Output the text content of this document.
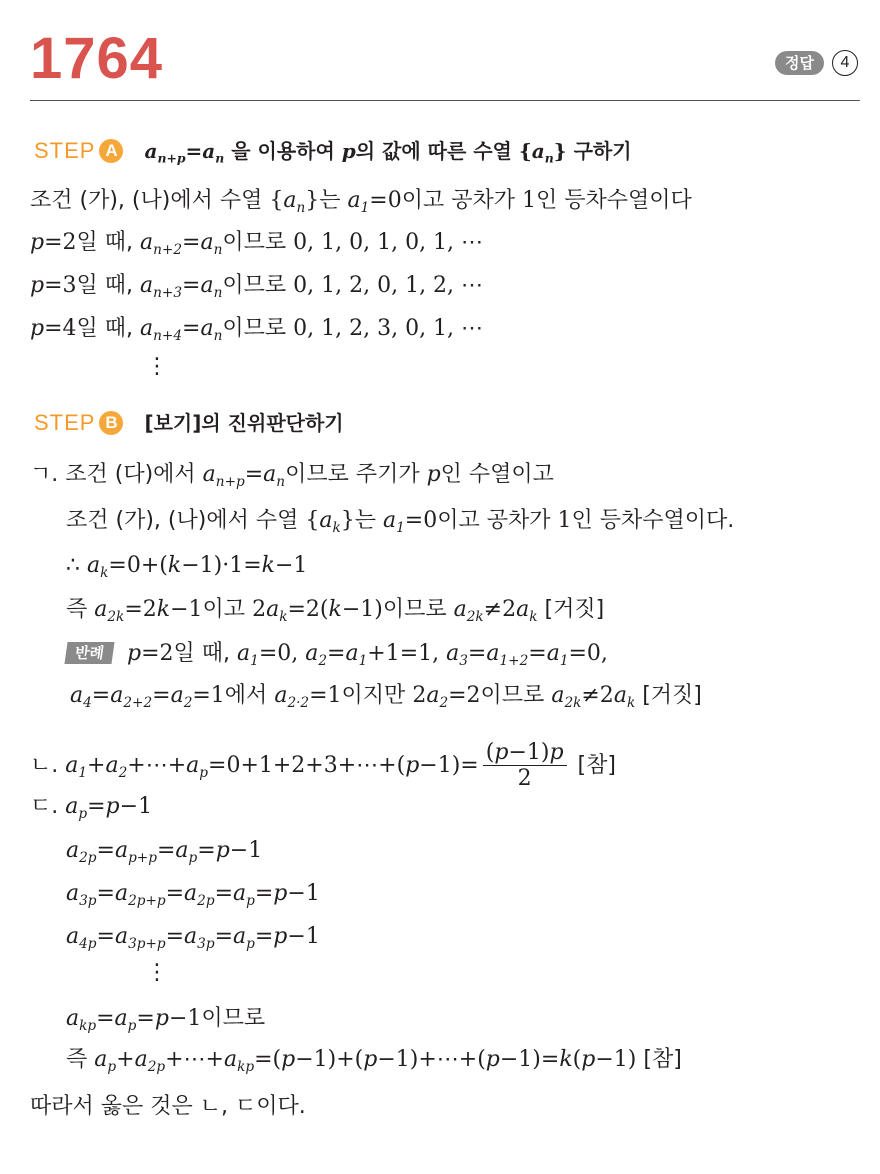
1764	정답	4
STEP A $a_{n+p}=a_n$ 을 이용하여 p의 값에 따른 수열 $\{a_n\}$ 구하기
조건 (가), (나)에서 수열 $\{a_n\}$는 $a_1=0$이고 공차가 1인 등차수열이다
p=2일 때, $a_{n+2}=a_n$이므로 0, 1, 0, 1, 0, 1, ⋯
p=3일 때, $a_{n+3}=a_n$이므로 0, 1, 2, 0, 1, 2, ⋯
p=4일 때, $a_{n+4}=a_n$이므로 0, 1, 2, 3, 0, 1, ⋯
⋮
STEP B [보기]의 진위판단하기
ㄱ. 조건 (다)에서 $a_{n+p}=a_n$이므로 주기가 p인 수열이고
조건 (가), (나)에서 수열 $\{a_k\}$는 $a_1=0$이고 공차가 1인 등차수열이다.
∴ $a_k=0+(k-1)\cdot 1=k-1$
즉 $a_{2k}=2k-1$이고 $2a_k=2(k-1)$이므로 $a_{2k}\ne 2a_k$ [거짓]
반례 p=2일 때, $a_1=0$, $a_2=a_1+1=1$, $a_3=a_{1+2}=a_1=0$,
$a_4=a_{2+2}=a_2=1$에서 $a_{2\cdot 2}=1$이지만 $2a_2=2$이므로 $a_{2k}\ne 2a_k$ [거짓]
ㄴ. $a_1+a_2+\cdots+a_p=0+1+2+3+\cdots+(p-1)= \frac{(p-1)p}{2}$ [참]
ㄷ. $a_p=p-1$
$a_{2p}=a_{p+p}=a_p=p-1$
$a_{3p}=a_{2p+p}=a_{2p}=a_p=p-1$
$a_{4p}=a_{3p+p}=a_{3p}=a_p=p-1$
⋮
$a_{kp}=a_p=p-1$이므로
즉 $a_p+a_{2p}+\cdots+a_{kp}=(p-1)+(p-1)+\cdots+(p-1)=k(p-1)$ [참]
따라서 옳은 것은 ㄴ, ㄷ이다.
